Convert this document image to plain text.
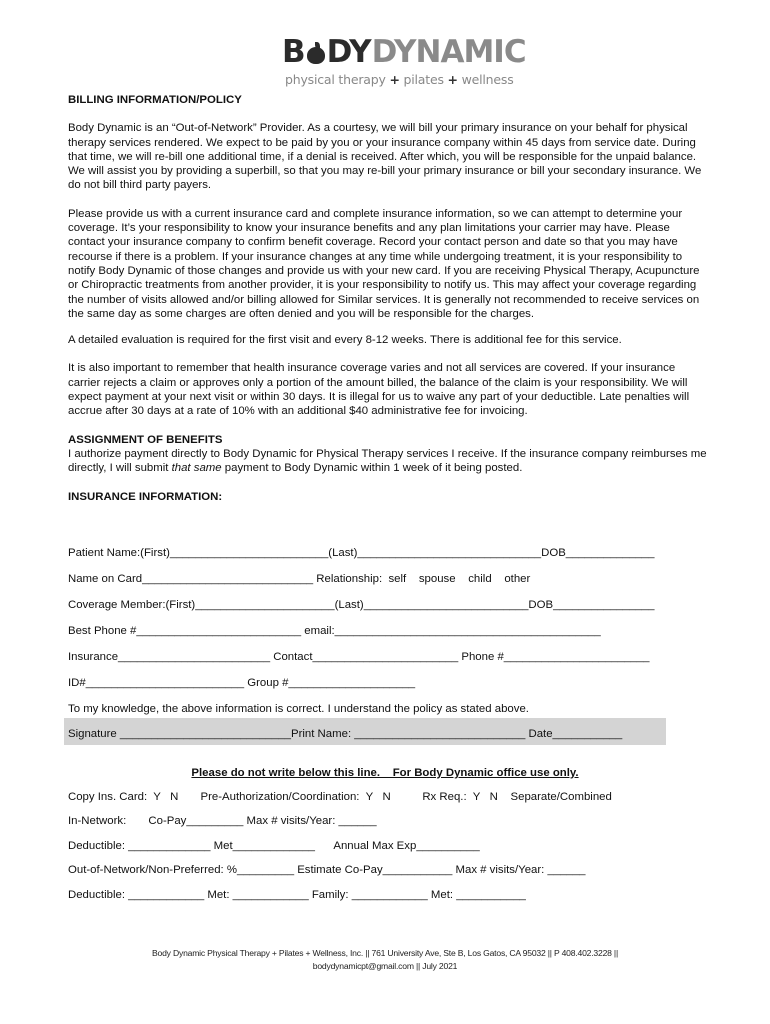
B DY DYNAMIC
physical therapy + pilates + wellness
BILLING INFORMATION/POLICY

Body Dynamic is an “Out-of-Network” Provider. As a courtesy, we will bill your primary insurance on your behalf for physical therapy services rendered. We expect to be paid by you or your insurance company within 45 days from service date. During that time, we will re-bill one additional time, if a denial is received. After which, you will be responsible for the unpaid balance. We will assist you by providing a superbill, so that you may re-bill your primary insurance or bill your secondary insurance. We do not bill third party payers.

Please provide us with a current insurance card and complete insurance information, so we can attempt to determine your coverage. It’s your responsibility to know your insurance benefits and any plan limitations your carrier may have. Please contact your insurance company to confirm benefit coverage. Record your contact person and date so that you may have recourse if there is a problem. If your insurance changes at any time while undergoing treatment, it is your responsibility to notify Body Dynamic of those changes and provide us with your new card. If you are receiving Physical Therapy, Acupuncture or Chiropractic treatments from another provider, it is your responsibility to notify us. This may affect your coverage regarding the number of visits allowed and/or billing allowed for Similar services. It is generally not recommended to receive services on the same day as some charges are often denied and you will be responsible for the charges.

A detailed evaluation is required for the first visit and every 8-12 weeks. There is additional fee for this service.

It is also important to remember that health insurance coverage varies and not all services are covered. If your insurance carrier rejects a claim or approves only a portion of the amount billed, the balance of the claim is your responsibility. We will expect payment at your next visit or within 30 days. It is illegal for us to waive any part of your deductible. Late penalties will accrue after 30 days at a rate of 10% with an additional $40 administrative fee for invoicing.

ASSIGNMENT OF BENEFITS

I authorize payment directly to Body Dynamic for Physical Therapy services I receive. If the insurance company reimburses me directly, I will submit that same payment to Body Dynamic within 1 week of it being posted.

INSURANCE INFORMATION:
Patient Name:(First)_________________________(Last)_____________________________DOB______________
Name on Card___________________________ Relationship:  self    spouse    child    other
Coverage Member:(First)______________________(Last)__________________________DOB________________
Best Phone #__________________________ email:__________________________________________
Insurance________________________ Contact_______________________ Phone #_______________________
ID#_________________________ Group #____________________
To my knowledge, the above information is correct. I understand the policy as stated above.
Signature ___________________________Print Name: ___________________________ Date___________
Please do not write below this line.    For Body Dynamic office use only.
Copy Ins. Card:  Y   N       Pre-Authorization/Coordination:  Y   N          Rx Req.:  Y   N    Separate/Combined
In-Network:       Co-Pay_________ Max # visits/Year: ______
Deductible: _____________ Met_____________      Annual Max Exp__________
Out-of-Network/Non-Preferred: %_________ Estimate Co-Pay___________ Max # visits/Year: ______
Deductible: ____________ Met: ____________ Family: ____________ Met: ___________
Body Dynamic Physical Therapy + Pilates + Wellness, Inc. || 761 University Ave, Ste B, Los Gatos, CA 95032 || P 408.402.3228 ||
bodydynamicpt@gmail.com || July 2021
